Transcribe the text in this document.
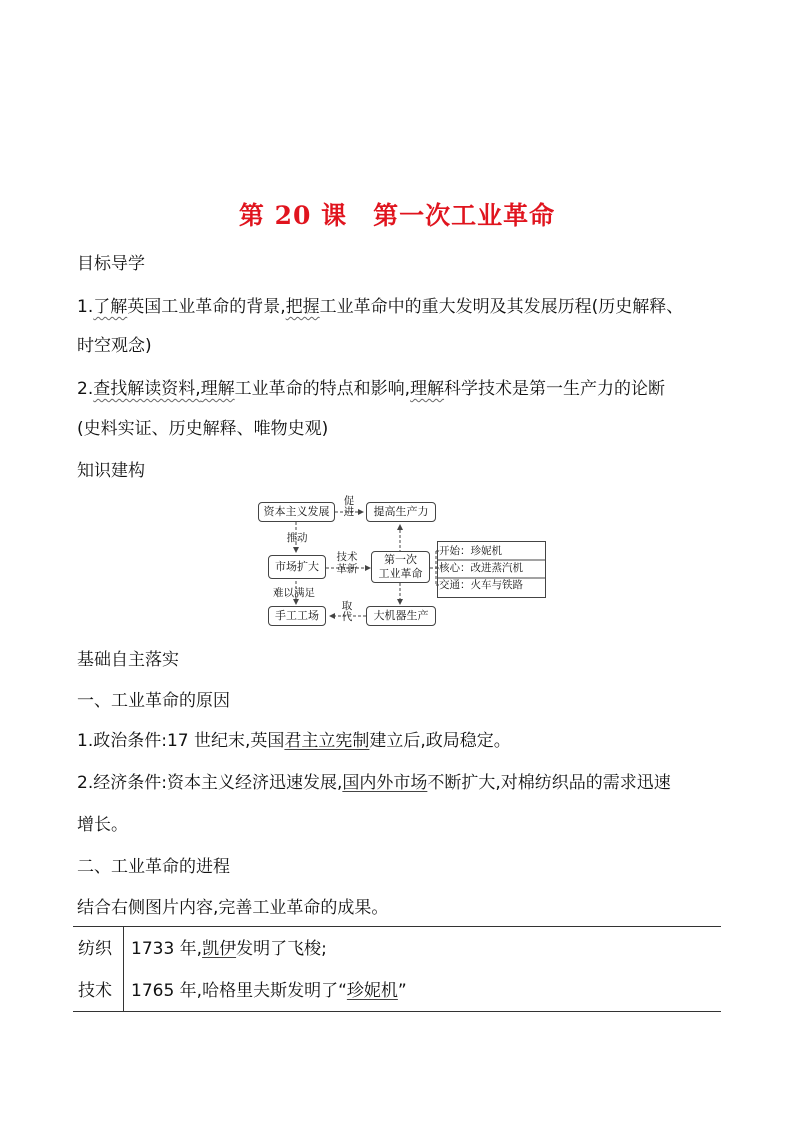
第 20 课 第一次工业革命
目标导学
1.了解英国工业革命的背景,把握工业革命中的重大发明及其发展历程(历史解释、
时空观念)
2.查找解读资料,理解工业革命的特点和影响,理解科学技术是第一生产力的论断
(史料实证、历史解释、唯物史观)
知识建构
资本主义发展	提高生产力
市场扩大
第一次
工业革命
手工工场	大机器生产
促
进
推动
技术
革新
难以满足
取
代
开始：珍妮机
核心：改进蒸汽机
交通：火车与铁路
基础自主落实
一、工业革命的原因
1.政治条件:17 世纪末,英国君主立宪制建立后,政局稳定。
2.经济条件:资本主义经济迅速发展,国内外市场不断扩大,对棉纺织品的需求迅速
增长。
二、工业革命的进程
结合右侧图片内容,完善工业革命的成果。
纺织
技术
1733 年,凯伊发明了飞梭;
1765 年,哈格里夫斯发明了“珍妮机”
